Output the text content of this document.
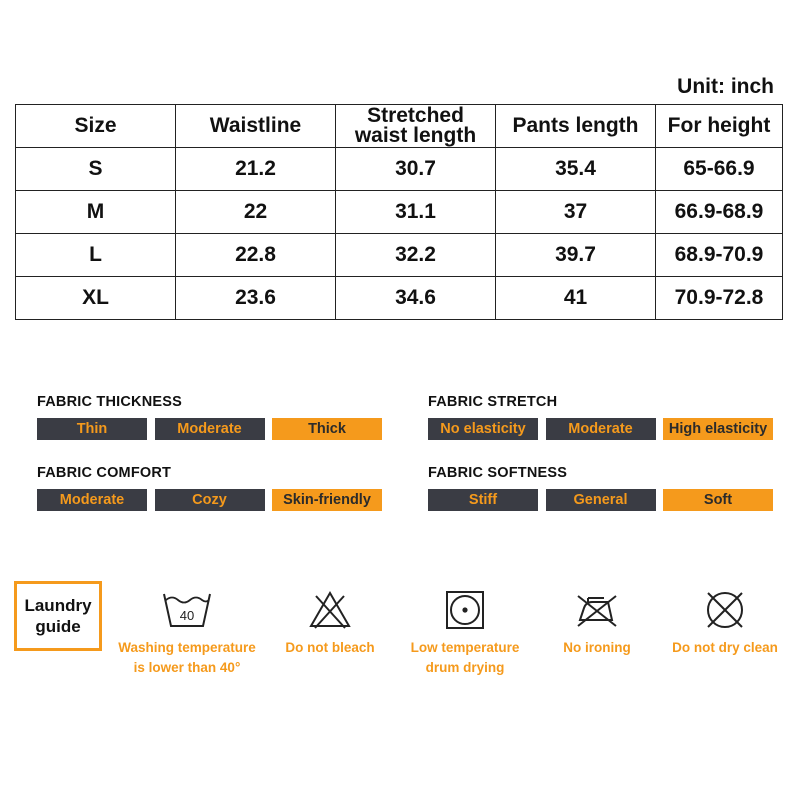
Unit: inch
Size	Waistline	Stretched
waist length	Pants length	For height
S	21.2	30.7	35.4	65-66.9
M	22	31.1	37	66.9-68.9
L	22.8	32.2	39.7	68.9-70.9
XL	23.6	34.6	41	70.9-72.8
FABRIC THICKNESS
Thin	Moderate	Thick
FABRIC STRETCH
No elasticity	Moderate	High elasticity
FABRIC COMFORT
Moderate	Cozy	Skin-friendly
FABRIC SOFTNESS
Stiff	General	Soft
Laundry
guide
40
Washing temperature
is lower than 40°
Do not bleach	Low temperature
drum drying
No ironing	Do not dry clean
